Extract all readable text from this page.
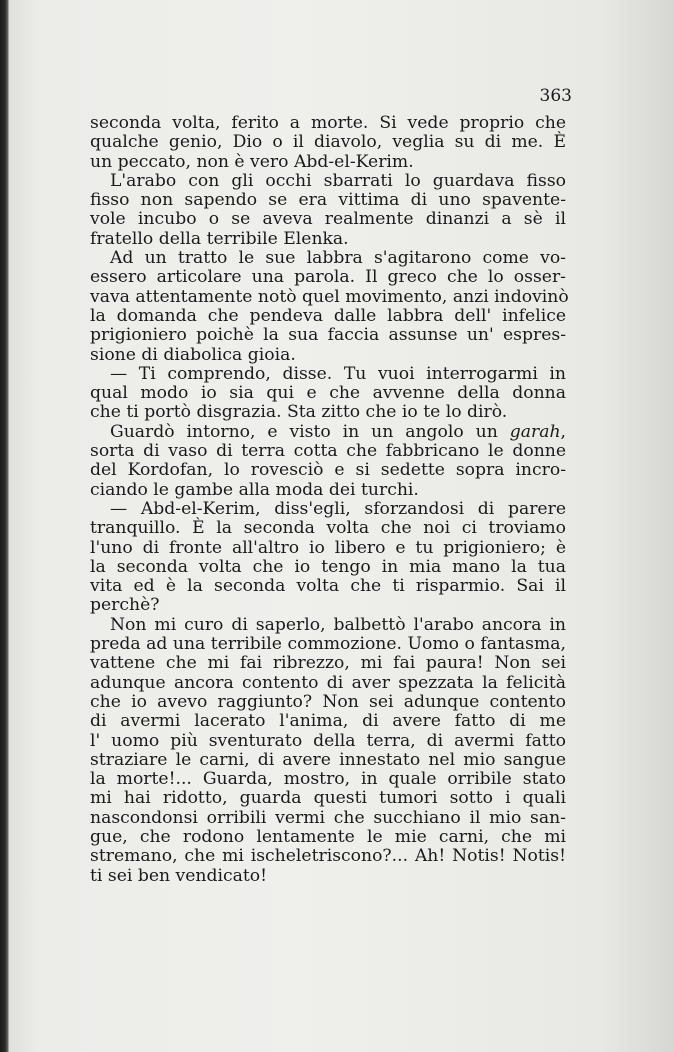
363
seconda volta, ferito a morte. Si vede proprio che
qualche genio, Dio o il diavolo, veglia su di me. È
un peccato, non è vero Abd-el-Kerim.
L'arabo con gli occhi sbarrati lo guardava fisso
fisso non sapendo se era vittima di uno spavente-
vole incubo o se aveva realmente dinanzi a sè il
fratello della terribile Elenka.
Ad un tratto le sue labbra s'agitarono come vo-
essero articolare una parola. Il greco che lo osser-
vava attentamente notò quel movimento, anzi indovinò
la domanda che pendeva dalle labbra dell' infelice
prigioniero poichè la sua faccia assunse un' espres-
sione di diabolica gioia.
— Ti comprendo, disse. Tu vuoi interrogarmi in
qual modo io sia qui e che avvenne della donna
che ti portò disgrazia. Sta zitto che io te lo dirò.
Guardò intorno, e visto in un angolo un garah,
sorta di vaso di terra cotta che fabbricano le donne
del Kordofan, lo rovesciò e si sedette sopra incro-
ciando le gambe alla moda dei turchi.
— Abd-el-Kerim, diss'egli, sforzandosi di parere
tranquillo. È la seconda volta che noi ci troviamo
l'uno di fronte all'altro io libero e tu prigioniero; è
la seconda volta che io tengo in mia mano la tua
vita ed è la seconda volta che ti risparmio. Sai il
perchè?
Non mi curo di saperlo, balbettò l'arabo ancora in
preda ad una terribile commozione. Uomo o fantasma,
vattene che mi fai ribrezzo, mi fai paura! Non sei
adunque ancora contento di aver spezzata la felicità
che io avevo raggiunto? Non sei adunque contento
di avermi lacerato l'anima, di avere fatto di me
l' uomo più sventurato della terra, di avermi fatto
straziare le carni, di avere innestato nel mio sangue
la morte!... Guarda, mostro, in quale orribile stato
mi hai ridotto, guarda questi tumori sotto i quali
nascondonsi orribili vermi che succhiano il mio san-
gue, che rodono lentamente le mie carni, che mi
stremano, che mi ischeletriscono?... Ah! Notis! Notis!
ti sei ben vendicato!
